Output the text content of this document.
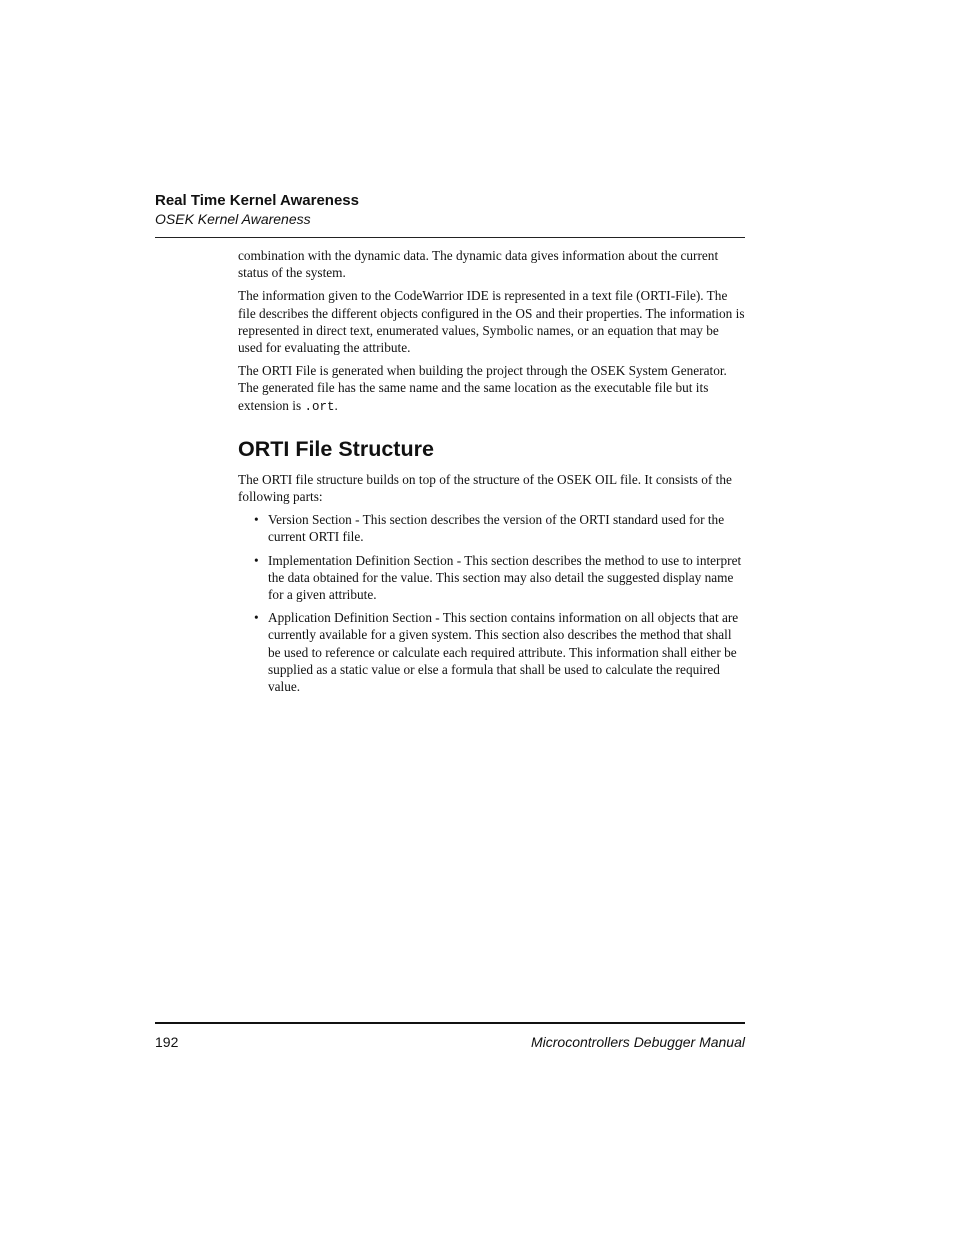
Real Time Kernel Awareness

OSEK Kernel Awareness

combination with the dynamic data. The dynamic data gives information about the current status of the system.

The information given to the CodeWarrior IDE is represented in a text file (ORTI-File). The file describes the different objects configured in the OS and their properties. The information is represented in direct text, enumerated values, Symbolic names, or an equation that may be used for evaluating the attribute.

The ORTI File is generated when building the project through the OSEK System Generator. The generated file has the same name and the same location as the executable file but its extension is .ort.

ORTI File Structure

The ORTI file structure builds on top of the structure of the OSEK OIL file. It consists of the following parts:

• Version Section - This section describes the version of the ORTI standard used for the current ORTI file.
• Implementation Definition Section - This section describes the method to use to interpret the data obtained for the value. This section may also detail the suggested display name for a given attribute.
• Application Definition Section - This section contains information on all objects that are currently available for a given system. This section also describes the method that shall be used to reference or calculate each required attribute. This information shall either be supplied as a static value or else a formula that shall be used to calculate the required value.
192	Microcontrollers Debugger Manual
